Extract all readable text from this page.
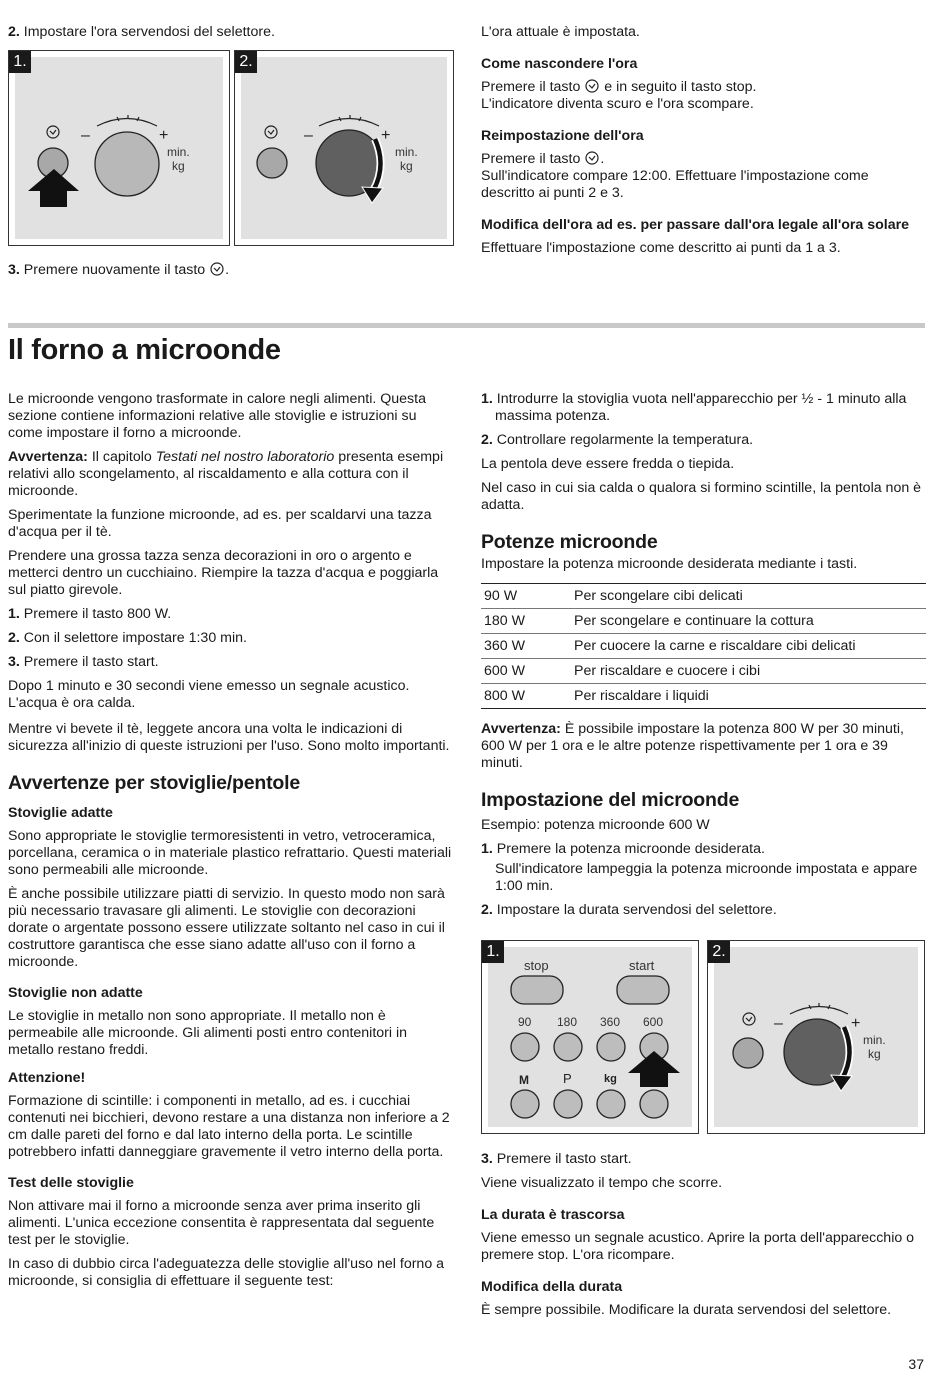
2. Impostare l'ora servendosi del selettore.
1.
–	+
min.
kg
2.
–	+
min.
kg
3. Premere nuovamente il tasto .

L'ora attuale è impostata.

Come nascondere l'ora

Premere il tasto e in seguito il tasto stop.
L'indicatore diventa scuro e l'ora scompare.

Reimpostazione dell'ora

Premere il tasto .
Sull'indicatore compare 12:00. Effettuare l'impostazione come descritto ai punti 2 e 3.

Modifica dell'ora ad es. per passare dall'ora legale all'ora solare

Effettuare l'impostazione come descritto ai punti da 1 a 3.

Il forno a microonde

Le microonde vengono trasformate in calore negli alimenti. Questa sezione contiene informazioni relative alle stoviglie e istruzioni su come impostare il forno a microonde.

Avvertenza: Il capitolo Testati nel nostro laboratorio presenta esempi relativi allo scongelamento, al riscaldamento e alla cottura con il microonde.

Sperimentate la funzione microonde, ad es. per scaldarvi una tazza d'acqua per il tè.

Prendere una grossa tazza senza decorazioni in oro o argento e metterci dentro un cucchiaino. Riempire la tazza d'acqua e poggiarla sul piatto girevole.

1. Premere il tasto 800 W.
2. Con il selettore impostare 1:30 min.
3. Premere il tasto start.

Dopo 1 minuto e 30 secondi viene emesso un segnale acustico. L'acqua è ora calda.

Mentre vi bevete il tè, leggete ancora una volta le indicazioni di sicurezza all'inizio di queste istruzioni per l'uso. Sono molto importanti.

Avvertenze per stoviglie/pentole
Stoviglie adatte

Sono appropriate le stoviglie termoresistenti in vetro, vetroceramica, porcellana, ceramica o in materiale plastico refrattario. Questi materiali sono permeabili alle microonde.

È anche possibile utilizzare piatti di servizio. In questo modo non sarà più necessario travasare gli alimenti. Le stoviglie con decorazioni dorate o argentate possono essere utilizzate soltanto nel caso in cui il costruttore garantisca che esse siano adatte all'uso con il forno a microonde.

Stoviglie non adatte

Le stoviglie in metallo non sono appropriate. Il metallo non è permeabile alle microonde. Gli alimenti posti entro contenitori in metallo restano freddi.

Attenzione!

Formazione di scintille: i componenti in metallo, ad es. i cucchiai contenuti nei bicchieri, devono restare a una distanza non inferiore a 2 cm dalle pareti del forno e dal lato interno della porta. Le scintille potrebbero infatti danneggiare gravemente il vetro interno della porta.

Test delle stoviglie

Non attivare mai il forno a microonde senza aver prima inserito gli alimenti. L'unica eccezione consentita è rappresentata dal seguente test per le stoviglie.

In caso di dubbio circa l'adeguatezza delle stoviglie all'uso nel forno a microonde, si consiglia di effettuare il seguente test:

1. Introdurre la stoviglia vuota nell'apparecchio per ½ - 1 minuto alla massima potenza.
2. Controllare regolarmente la temperatura.

La pentola deve essere fredda o tiepida.

Nel caso in cui sia calda o qualora si formino scintille, la pentola non è adatta.

Potenze microonde

Impostare la potenza microonde desiderata mediante i tasti.

90 W	Per scongelare cibi delicati
180 W	Per scongelare e continuare la cottura
360 W	Per cuocere la carne e riscaldare cibi delicati
600 W	Per riscaldare e cuocere i cibi
800 W	Per riscaldare i liquidi

Avvertenza: È possibile impostare la potenza 800 W per 30 minuti, 600 W per 1 ora e le altre potenze rispettivamente per 1 ora e 39 minuti.

Impostazione del microonde

Esempio: potenza microonde 600 W

1. Premere la potenza microonde desiderata.
Sull'indicatore lampeggia la potenza microonde impostata e appare 1:00 min.
2. Impostare la durata servendosi del selettore.
1.
stop	start
90 180 360 600
M	P	kg
2.
–	+
min.
kg
3. Premere il tasto start.

Viene visualizzato il tempo che scorre.

La durata è trascorsa

Viene emesso un segnale acustico. Aprire la porta dell'apparecchio o premere stop. L'ora ricompare.

Modifica della durata

È sempre possibile. Modificare la durata servendosi del selettore.

37
